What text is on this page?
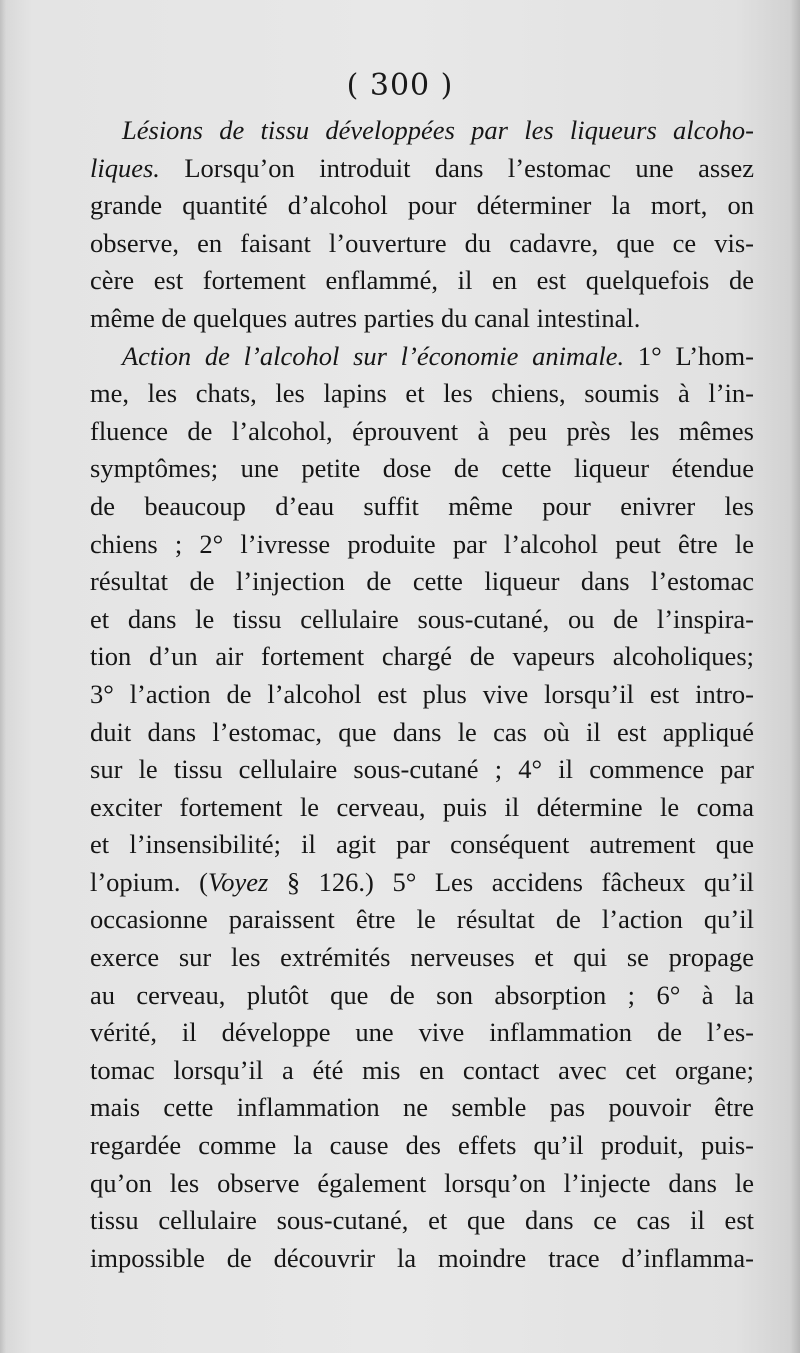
( 300 )
Lésions de tissu développées par les liqueurs alcoho-
liques. Lorsqu’on introduit dans l’estomac une assez
grande quantité d’alcohol pour déterminer la mort, on
observe, en faisant l’ouverture du cadavre, que ce vis-
cère est fortement enflammé, il en est quelquefois de
même de quelques autres parties du canal intestinal.
Action de l’alcohol sur l’économie animale. 1° L’hom-
me, les chats, les lapins et les chiens, soumis à l’in-
fluence de l’alcohol, éprouvent à peu près les mêmes
symptômes; une petite dose de cette liqueur étendue
de beaucoup d’eau suffit même pour enivrer les
chiens ; 2° l’ivresse produite par l’alcohol peut être le
résultat de l’injection de cette liqueur dans l’estomac
et dans le tissu cellulaire sous-cutané, ou de l’inspira-
tion d’un air fortement chargé de vapeurs alcoholiques;
3° l’action de l’alcohol est plus vive lorsqu’il est intro-
duit dans l’estomac, que dans le cas où il est appliqué
sur le tissu cellulaire sous-cutané ; 4° il commence par
exciter fortement le cerveau, puis il détermine le coma
et l’insensibilité; il agit par conséquent autrement que
l’opium. (Voyez § 126.) 5° Les accidens fâcheux qu’il
occasionne paraissent être le résultat de l’action qu’il
exerce sur les extrémités nerveuses et qui se propage
au cerveau, plutôt que de son absorption ; 6° à la
vérité, il développe une vive inflammation de l’es-
tomac lorsqu’il a été mis en contact avec cet organe;
mais cette inflammation ne semble pas pouvoir être
regardée comme la cause des effets qu’il produit, puis-
qu’on les observe également lorsqu’on l’injecte dans le
tissu cellulaire sous-cutané, et que dans ce cas il est
impossible de découvrir la moindre trace d’inflamma-
